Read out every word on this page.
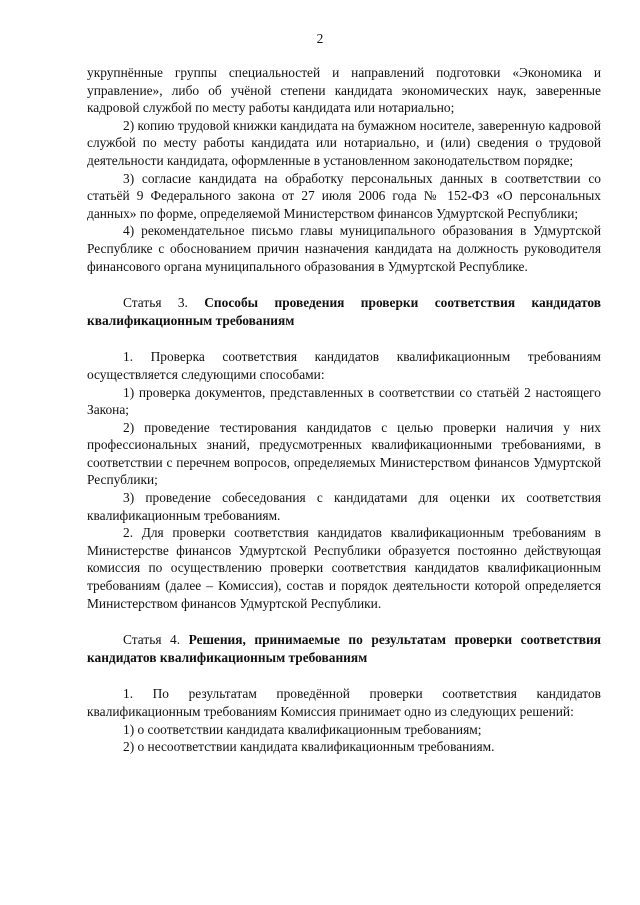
2

укрупнённые группы специальностей и направлений подготовки «Экономика и управление», либо об учёной степени кандидата экономических наук, заверенные кадровой службой по месту работы кандидата или нотариально;

2) копию трудовой книжки кандидата на бумажном носителе, заверенную кадровой службой по месту работы кандидата или нотариально, и (или) сведения о трудовой деятельности кандидата, оформленные в установленном законодательством порядке;

3) согласие кандидата на обработку персональных данных в соответствии со статьёй 9 Федерального закона от 27 июля 2006 года № 152-ФЗ «О персональных данных» по форме, определяемой Министерством финансов Удмуртской Республики;

4) рекомендательное письмо главы муниципального образования в Удмуртской Республике с обоснованием причин назначения кандидата на должность руководителя финансового органа муниципального образования в Удмуртской Республике.

Статья 3. Способы проведения проверки соответствия кандидатов квалификационным требованиям

1. Проверка соответствия кандидатов квалификационным требованиям осуществляется следующими способами:

1) проверка документов, представленных в соответствии со статьёй 2 настоящего Закона;

2) проведение тестирования кандидатов с целью проверки наличия у них профессиональных знаний, предусмотренных квалификационными требованиями, в соответствии с перечнем вопросов, определяемых Министерством финансов Удмуртской Республики;

3) проведение собеседования с кандидатами для оценки их соответствия квалификационным требованиям.

2. Для проверки соответствия кандидатов квалификационным требованиям в Министерстве финансов Удмуртской Республики образуется постоянно действующая комиссия по осуществлению проверки соответствия кандидатов квалификационным требованиям (далее – Комиссия), состав и порядок деятельности которой определяется Министерством финансов Удмуртской Республики.

Статья 4. Решения, принимаемые по результатам проверки соответствия кандидатов квалификационным требованиям

1. По результатам проведённой проверки соответствия кандидатов квалификационным требованиям Комиссия принимает одно из следующих решений:

1) о соответствии кандидата квалификационным требованиям;

2) о несоответствии кандидата квалификационным требованиям.
